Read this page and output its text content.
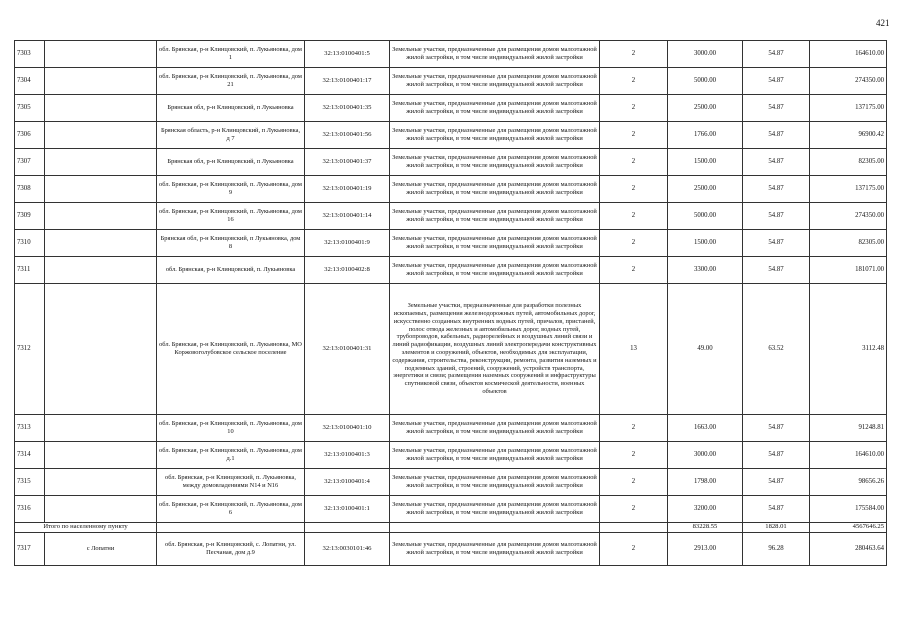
421
7303		обл. Брянская, р-н Клинцовский, п. Лукьяновка, дом 1	32:13:0100401:5	Земельные участки, предназначенные для размещения домов малоэтажной жилой застройки, в том числе индивидуальной жилой застройки	2	3000.00	54.87	164610.00
7304		обл. Брянская, р-н Клинцовский, п. Лукьяновка, дом 21	32:13:0100401:17	Земельные участки, предназначенные для размещения домов малоэтажной жилой застройки, в том числе индивидуальной жилой застройки	2	5000.00	54.87	274350.00
7305		Брянская обл, р-н Клинцовский, п Лукьяновка	32:13:0100401:35	Земельные участки, предназначенные для размещения домов малоэтажной жилой застройки, в том числе индивидуальной жилой застройки	2	2500.00	54.87	137175.00
7306		Брянская область, р-н Клинцовский, п Лукьяновка, д 7	32:13:0100401:56	Земельные участки, предназначенные для размещения домов малоэтажной жилой застройки, в том числе индивидуальной жилой застройки	2	1766.00	54.87	96900.42
7307		Брянская обл, р-н Клинцовский, п Лукьяновка	32:13:0100401:37	Земельные участки, предназначенные для размещения домов малоэтажной жилой застройки, в том числе индивидуальной жилой застройки	2	1500.00	54.87	82305.00
7308		обл. Брянская, р-н Клинцовский, п. Лукьяновка, дом 9	32:13:0100401:19	Земельные участки, предназначенные для размещения домов малоэтажной жилой застройки, в том числе индивидуальной жилой застройки	2	2500.00	54.87	137175.00
7309		обл. Брянская, р-н Клинцовский, п. Лукьяновка, дом 16	32:13:0100401:14	Земельные участки, предназначенные для размещения домов малоэтажной жилой застройки, в том числе индивидуальной жилой застройки	2	5000.00	54.87	274350.00
7310		Брянская обл, р-н Клинцовский, п Лукьяновка, дом 8	32:13:0100401:9	Земельные участки, предназначенные для размещения домов малоэтажной жилой застройки, в том числе индивидуальной жилой застройки	2	1500.00	54.87	82305.00
7311		обл. Брянская, р-н Клинцовский, п. Лукьяновка	32:13:0100402:8	Земельные участки, предназначенные для размещения домов малоэтажной жилой застройки, в том числе индивидуальной жилой застройки	2	3300.00	54.87	181071.00
7312		обл. Брянская, р-н Клинцовский, п. Лукьяновка, МО Коржовоголубовское сельское поселение	32:13:0100401:31	Земельные участки, предназначенные для разработки полезных ископаемых, размещения железнодорожных путей, автомобильных дорог, искусственно созданных внутренних водных путей, причалов, пристаней, полос отвода железных и автомобильных дорог, водных путей, трубопроводов, кабельных, радиорелейных и воздушных линий связи и линий радиофикации, воздушных линий электропередачи конструктивных элементов и сооружений, объектов, необходимых для эксплуатации, содержания, строительства, реконструкции, ремонта, развития наземных и подземных зданий, строений, сооружений, устройств транспорта, энергетики и связи; размещения наземных сооружений и инфраструктуры спутниковой связи, объектов космической деятельности, военных объектов	13	49.00	63.52	3112.48
7313		обл. Брянская, р-н Клинцовский, п. Лукьяновка, дом 10	32:13:0100401:10	Земельные участки, предназначенные для размещения домов малоэтажной жилой застройки, в том числе индивидуальной жилой застройки	2	1663.00	54.87	91248.81
7314		обл. Брянская, р-н Клинцовский, п. Лукьяновка, дом д.1	32:13:0100401:3	Земельные участки, предназначенные для размещения домов малоэтажной жилой застройки, в том числе индивидуальной жилой застройки	2	3000.00	54.87	164610.00
7315		обл. Брянская, р-н Клинцовский, п. Лукьяновка, между домовладениями N14 и N16	32:13:0100401:4	Земельные участки, предназначенные для размещения домов малоэтажной жилой застройки, в том числе индивидуальной жилой застройки	2	1798.00	54.87	98656.26
7316		обл. Брянская, р-н Клинцовский, п. Лукьяновка, дом 6	32:13:0100401:1	Земельные участки, предназначенные для размещения домов малоэтажной жилой застройки, в том числе индивидуальной жилой застройки	2	3200.00	54.87	175584.00
Итого по населенному пункту						83228.55	1828.01	4567646.25
7317	с Лопатни	обл. Брянская, р-н Клинцовский, с. Лопатни, ул. Песчаная, дом д.9	32:13:0030101:46	Земельные участки, предназначенные для размещения домов малоэтажной жилой застройки, в том числе индивидуальной жилой застройки	2	2913.00	96.28	280463.64
